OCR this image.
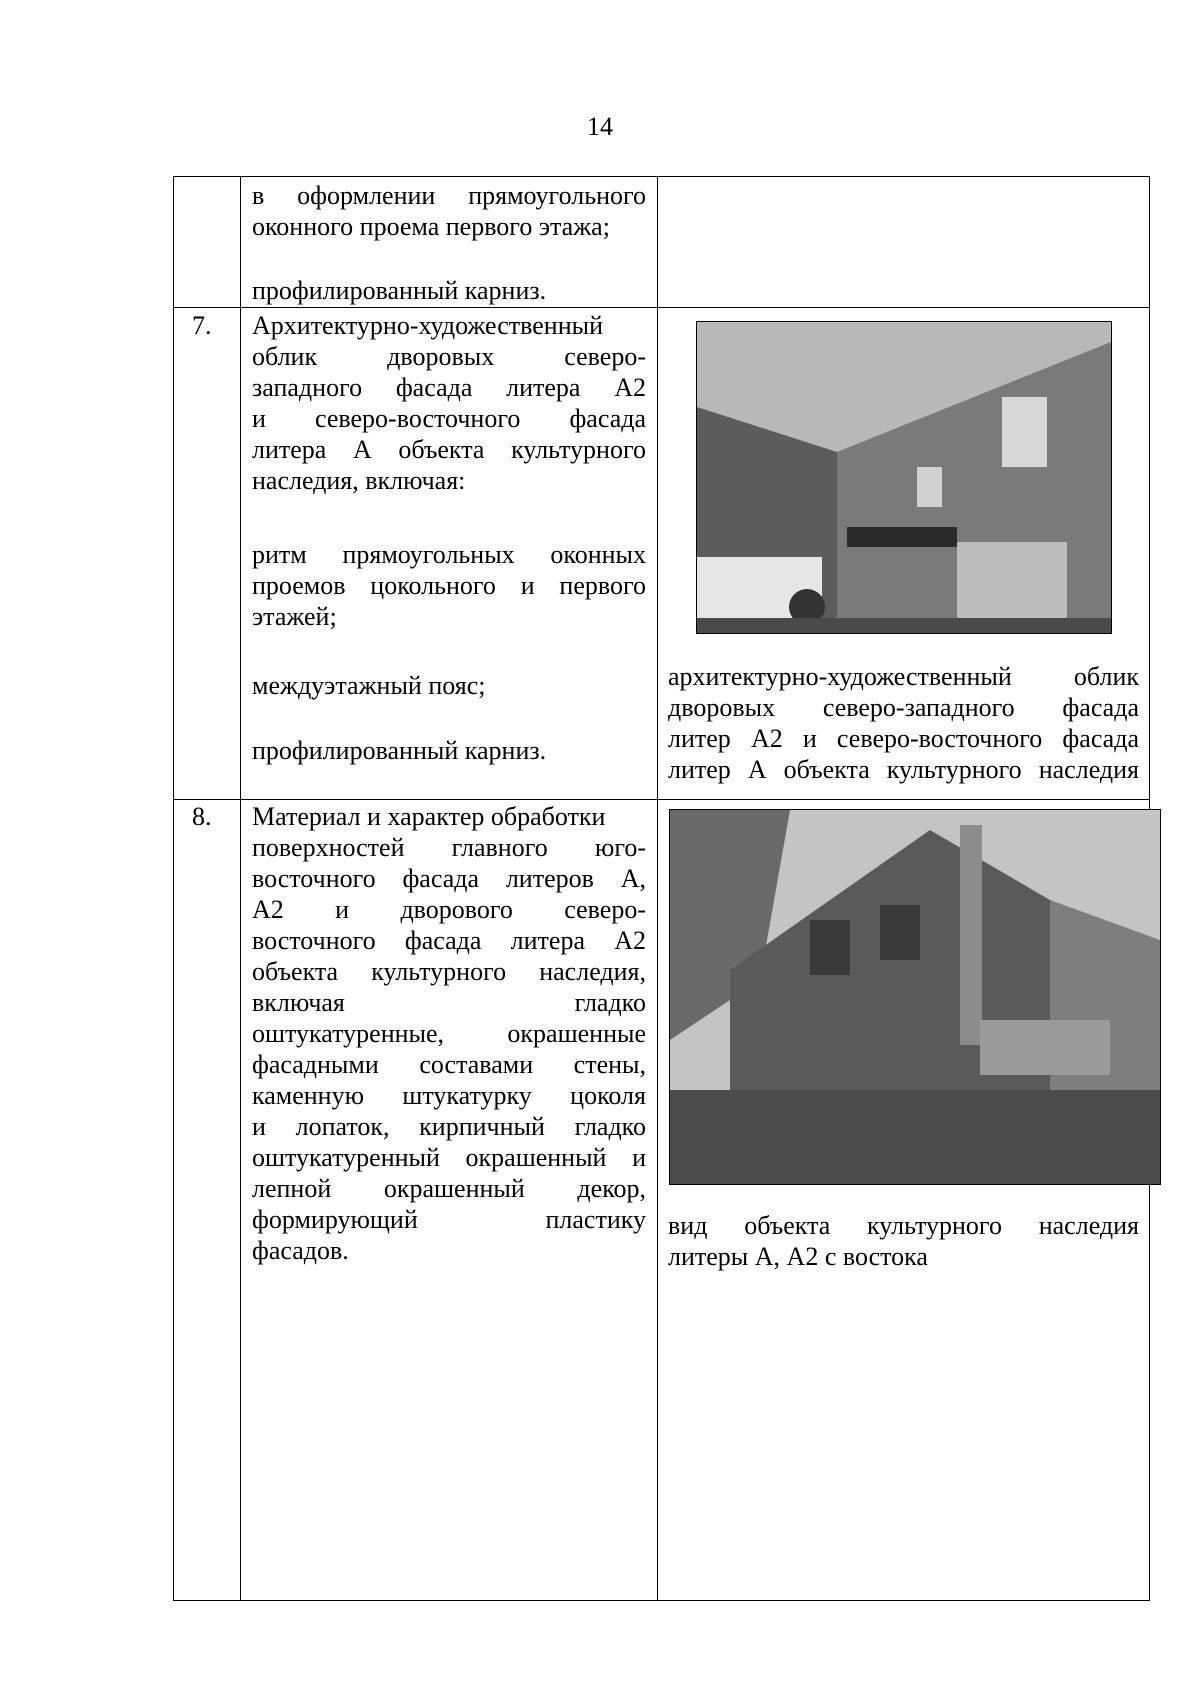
14
в оформлении прямоугольного
оконного проема первого этажа;
профилированный карниз.
7. Архитектурно-художественный
облик дворовых северо-
западного фасада литера А2
и северо-восточного фасада
литера А объекта культурного
наследия, включая:
ритм прямоугольных оконных
проемов цокольного и первого
этажей;
междуэтажный пояс;
профилированный карниз.
архитектурно-художественный облик
дворовых северо-западного фасада
литер А2 и северо-восточного фасада
литер А объекта культурного наследия
8. Материал и характер обработки
поверхностей главного юго-
восточного фасада литеров А,
А2 и дворового северо-
восточного фасада литера А2
объекта культурного наследия,
включая гладко
оштукатуренные, окрашенные
фасадными составами стены,
каменную штукатурку цоколя
и лопаток, кирпичный гладко
оштукатуренный окрашенный и
лепной окрашенный декор,
формирующий пластику
фасадов.
вид объекта культурного наследия
литеры А, А2 с востока
